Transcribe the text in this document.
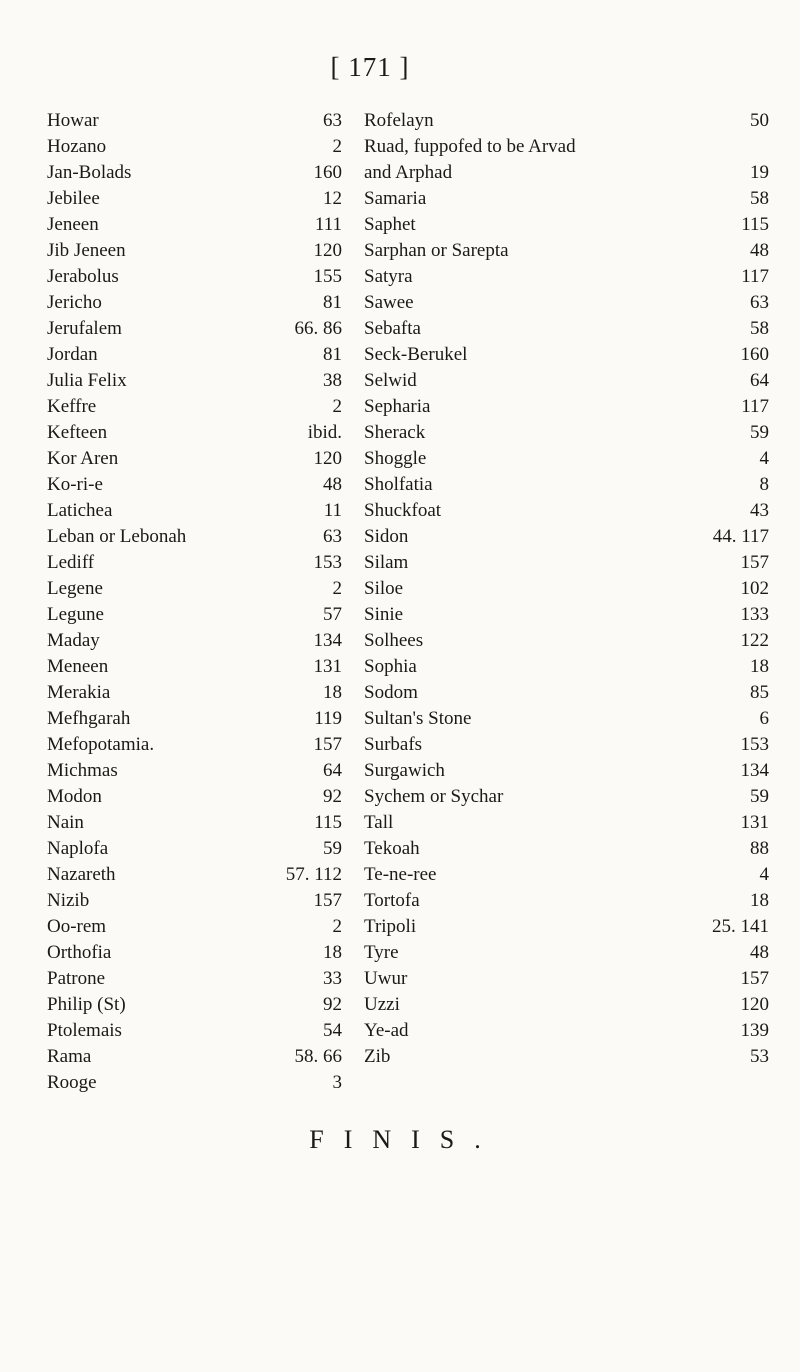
[ 171 ]
Howar	63
Hozano	2
Jan-Bolads	160
Jebilee	12
Jeneen	111
Jib Jeneen	120
Jerabolus	155
Jericho	81
Jerufalem	66. 86
Jordan	81
Julia Felix	38
Keffre	2
Kefteen	ibid.
Kor Aren	120
Ko-ri-e	48
Latichea	11
Leban or Lebonah	63
Lediff	153
Legene	2
Legune	57
Maday	134
Meneen	131
Merakia	18
Mefhgarah	119
Mefopotamia.	157
Michmas	64
Modon	92
Nain	115
Naplofa	59
Nazareth	57. 112
Nizib	157
Oo-rem	2
Orthofia	18
Patrone	33
Philip (St)	92
Ptolemais	54
Rama	58. 66
Rooge	3
Rofelayn	50
Ruad, fuppofed to be Arvad
and Arphad	19
Samaria	58
Saphet	115
Sarphan or Sarepta	48
Satyra	117
Sawee	63
Sebafta	58
Seck-Berukel	160
Selwid	64
Sepharia	117
Sherack	59
Shoggle	4
Sholfatia	8
Shuckfoat	43
Sidon	44. 117
Silam	157
Siloe	102
Sinie	133
Solhees	122
Sophia	18
Sodom	85
Sultan's Stone	6
Surbafs	153
Surgawich	134
Sychem or Sychar	59
Tall	131
Tekoah	88
Te-ne-ree	4
Tortofa	18
Tripoli	25. 141
Tyre	48
Uwur	157
Uzzi	120
Ye-ad	139
Zib	53
FINIS.
